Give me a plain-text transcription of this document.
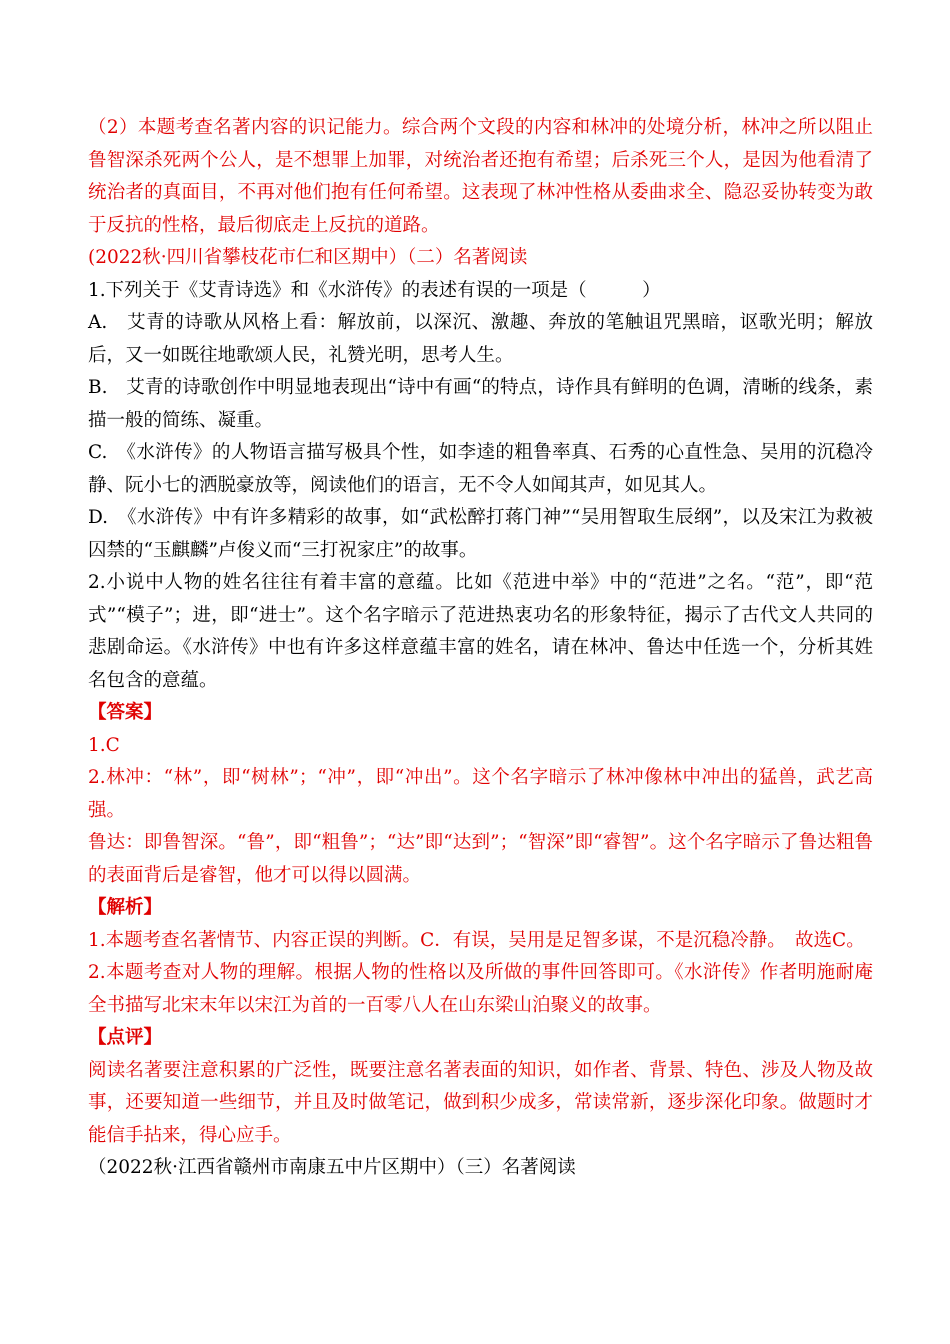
（2）本题考查名著内容的识记能力。综合两个文段的内容和林冲的处境分析，林冲之所以阻止鲁智深杀死两个公人，是不想罪上加罪，对统治者还抱有希望；后杀死三个人，是因为他看清了统治者的真面目，不再对他们抱有任何希望。这表现了林冲性格从委曲求全、隐忍妥协转变为敢于反抗的性格，最后彻底走上反抗的道路。

(2022秋·四川省攀枝花市仁和区期中）（二）名著阅读

1.下列关于《艾青诗选》和《水浒传》的表述有误的一项是（　　　）

A.　艾青的诗歌从风格上看：解放前，以深沉、激趣、奔放的笔触诅咒黑暗，讴歌光明；解放后，又一如既往地歌颂人民，礼赞光明，思考人生。

B.　艾青的诗歌创作中明显地表现出“诗中有画“的特点，诗作具有鲜明的色调，清晰的线条，素描一般的简练、凝重。

C.　《水浒传》的人物语言描写极具个性，如李逵的粗鲁率真、石秀的心直性急、吴用的沉稳冷静、阮小七的洒脱豪放等，阅读他们的语言，无不令人如闻其声，如见其人。

D.　《水浒传》中有许多精彩的故事，如“武松醉打蒋门神”“吴用智取生辰纲”，以及宋江为救被囚禁的“玉麒麟”卢俊义而“三打祝家庄”的故事。

2.小说中人物的姓名往往有着丰富的意蕴。比如《范进中举》中的“范进”之名。“范”，即“范式”“模子”；进，即“进士”。这个名字暗示了范进热衷功名的形象特征，揭示了古代文人共同的悲剧命运。《水浒传》中也有许多这样意蕴丰富的姓名，请在林冲、鲁达中任选一个，分析其姓名包含的意蕴。

【答案】

1.C

2.林冲：“林”，即“树林”；“冲”，即“冲出”。这个名字暗示了林冲像林中冲出的猛兽，武艺高强。

鲁达：即鲁智深。“鲁”，即“粗鲁”；“达”即“达到”；“智深”即“睿智”。这个名字暗示了鲁达粗鲁的表面背后是睿智，他才可以得以圆满。

【解析】

1.本题考查名著情节、内容正误的判断。C．有误，吴用是足智多谋，不是沉稳冷静。　故选C。

2.本题考查对人物的理解。根据人物的性格以及所做的事件回答即可。《水浒传》作者明施耐庵全书描写北宋末年以宋江为首的一百零八人在山东梁山泊聚义的故事。

【点评】

阅读名著要注意积累的广泛性，既要注意名著表面的知识，如作者、背景、特色、涉及人物及故事，还要知道一些细节，并且及时做笔记，做到积少成多，常读常新，逐步深化印象。做题时才能信手拈来，得心应手。

（2022秋·江西省赣州市南康五中片区期中）（三）名著阅读
